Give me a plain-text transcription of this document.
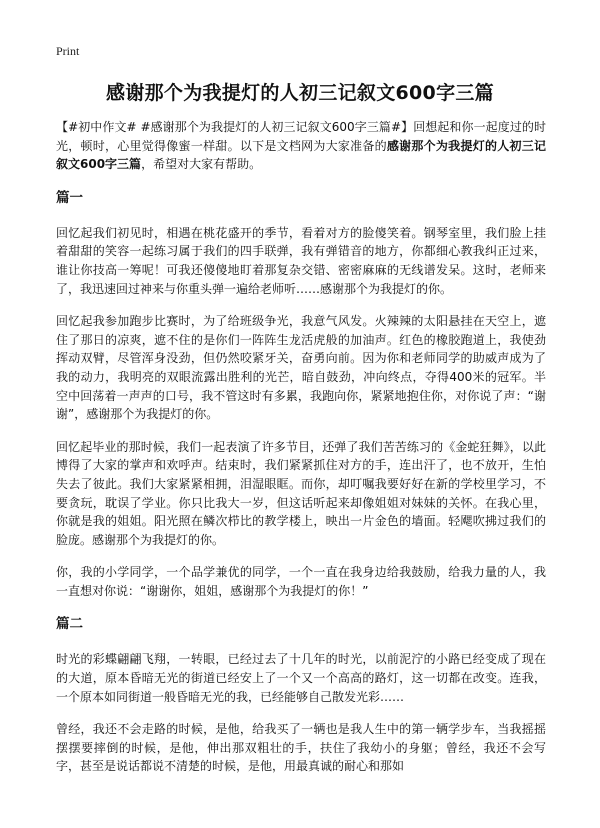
Print
感谢那个为我提灯的人初三记叙文600字三篇

【#初中作文# #感谢那个为我提灯的人初三记叙文600字三篇#】回想起和你一起度过的时光，顿时，心里觉得像蜜一样甜。以下是文档网为大家准备的感谢那个为我提灯的人初三记叙文600字三篇，希望对大家有帮助。

篇一

回忆起我们初见时，相遇在桃花盛开的季节，看着对方的脸傻笑着。钢琴室里，我们脸上挂着甜甜的笑容一起练习属于我们的四手联弹，我有弹错音的地方，你都细心教我纠正过来，谁让你技高一筹呢！可我还傻傻地盯着那复杂交错、密密麻麻的无线谱发呆。这时，老师来了，我迅速回过神来与你重头弹一遍给老师听……感谢那个为我提灯的你。

回忆起我参加跑步比赛时，为了给班级争光，我意气风发。火辣辣的太阳悬挂在天空上，遮住了那日的凉爽，遮不住的是你们一阵阵生龙活虎般的加油声。红色的橡胶跑道上，我使劲挥动双臂，尽管浑身没劲，但仍然咬紧牙关，奋勇向前。因为你和老师同学的助威声成为了我的动力，我明亮的双眼流露出胜利的光芒，暗自鼓劲，冲向终点，夺得400米的冠军。半空中回荡着一声声的口号，我不管这时有多累，我跑向你，紧紧地抱住你，对你说了声：“谢谢”，感谢那个为我提灯的你。

回忆起毕业的那时候，我们一起表演了许多节目，还弹了我们苦苦练习的《金蛇狂舞》，以此博得了大家的掌声和欢呼声。结束时，我们紧紧抓住对方的手，连出汗了，也不放开，生怕失去了彼此。我们大家紧紧相拥，泪湿眼眶。而你，却叮嘱我要好好在新的学校里学习，不要贪玩，耽误了学业。你只比我大一岁，但这话听起来却像姐姐对妹妹的关怀。在我心里，你就是我的姐姐。阳光照在鳞次栉比的教学楼上，映出一片金色的墙面。轻飔吹拂过我们的脸庞。感谢那个为我提灯的你。

你，我的小学同学，一个品学兼优的同学，一个一直在我身边给我鼓励，给我力量的人，我一直想对你说：“谢谢你，姐姐，感谢那个为我提灯的你！”

篇二

时光的彩蝶翩翩飞翔，一转眼，已经过去了十几年的时光，以前泥泞的小路已经变成了现在的大道，原本昏暗无光的街道已经安上了一个又一个高高的路灯，这一切都在改变。连我，一个原本如同街道一般昏暗无光的我，已经能够自己散发光彩……

曾经，我还不会走路的时候，是他，给我买了一辆也是我人生中的第一辆学步车，当我摇摇摆摆要摔倒的时候，是他，伸出那双粗壮的手，扶住了我幼小的身躯；曾经，我还不会写字，甚至是说话都说不清楚的时候，是他，用最真诚的耐心和那如
